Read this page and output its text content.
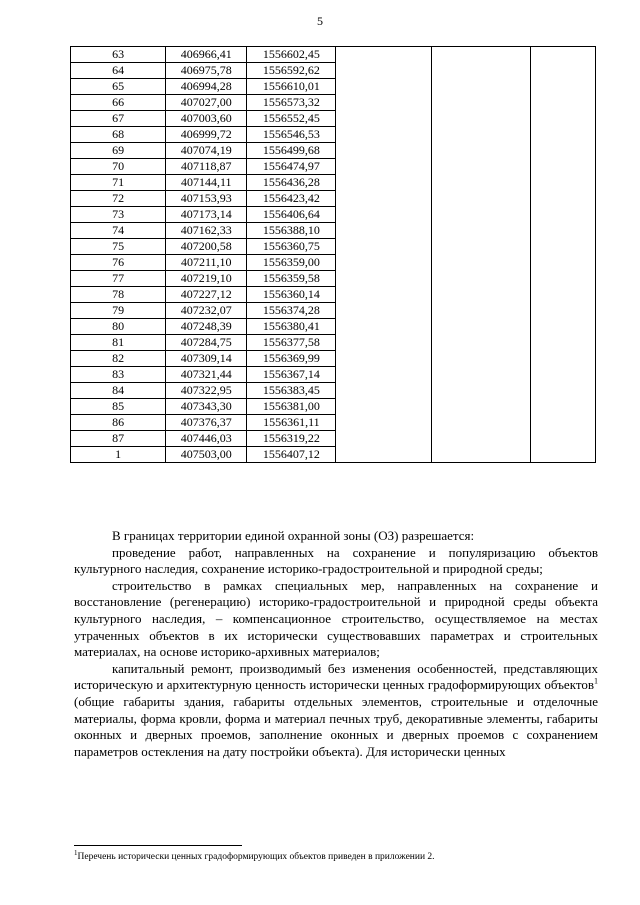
5
63	406966,41	1556602,45			
64	406975,78	1556592,62			
65	406994,28	1556610,01			
66	407027,00	1556573,32			
67	407003,60	1556552,45			
68	406999,72	1556546,53			
69	407074,19	1556499,68			
70	407118,87	1556474,97			
71	407144,11	1556436,28			
72	407153,93	1556423,42			
73	407173,14	1556406,64			
74	407162,33	1556388,10			
75	407200,58	1556360,75			
76	407211,10	1556359,00			
77	407219,10	1556359,58			
78	407227,12	1556360,14			
79	407232,07	1556374,28			
80	407248,39	1556380,41			
81	407284,75	1556377,58			
82	407309,14	1556369,99			
83	407321,44	1556367,14			
84	407322,95	1556383,45			
85	407343,30	1556381,00			
86	407376,37	1556361,11			
87	407446,03	1556319,22			
1	407503,00	1556407,12			

В границах территории единой охранной зоны (ОЗ) разрешается:

проведение работ, направленных на сохранение и популяризацию объектов культурного наследия, сохранение историко-градостроительной и природной среды;

строительство в рамках специальных мер, направленных на сохранение и восстановление (регенерацию) историко-градостроительной и природной среды объекта культурного наследия, – компенсационное строительство, осуществляемое на местах утраченных объектов в их исторически существовавших параметрах и строительных материалах, на основе историко-архивных материалов;

капитальный ремонт, производимый без изменения особенностей, представляющих историческую и архитектурную ценность исторически ценных градоформирующих объектов$^1$ (общие габариты здания, габариты отдельных элементов, строительные и отделочные материалы, форма кровли, форма и материал печных труб, декоративные элементы, габариты оконных и дверных проемов, заполнение оконных и дверных проемов с сохранением параметров остекления на дату постройки объекта). Для исторически ценных

$^1$Перечень исторически ценных градоформирующих объектов приведен в приложении 2.
